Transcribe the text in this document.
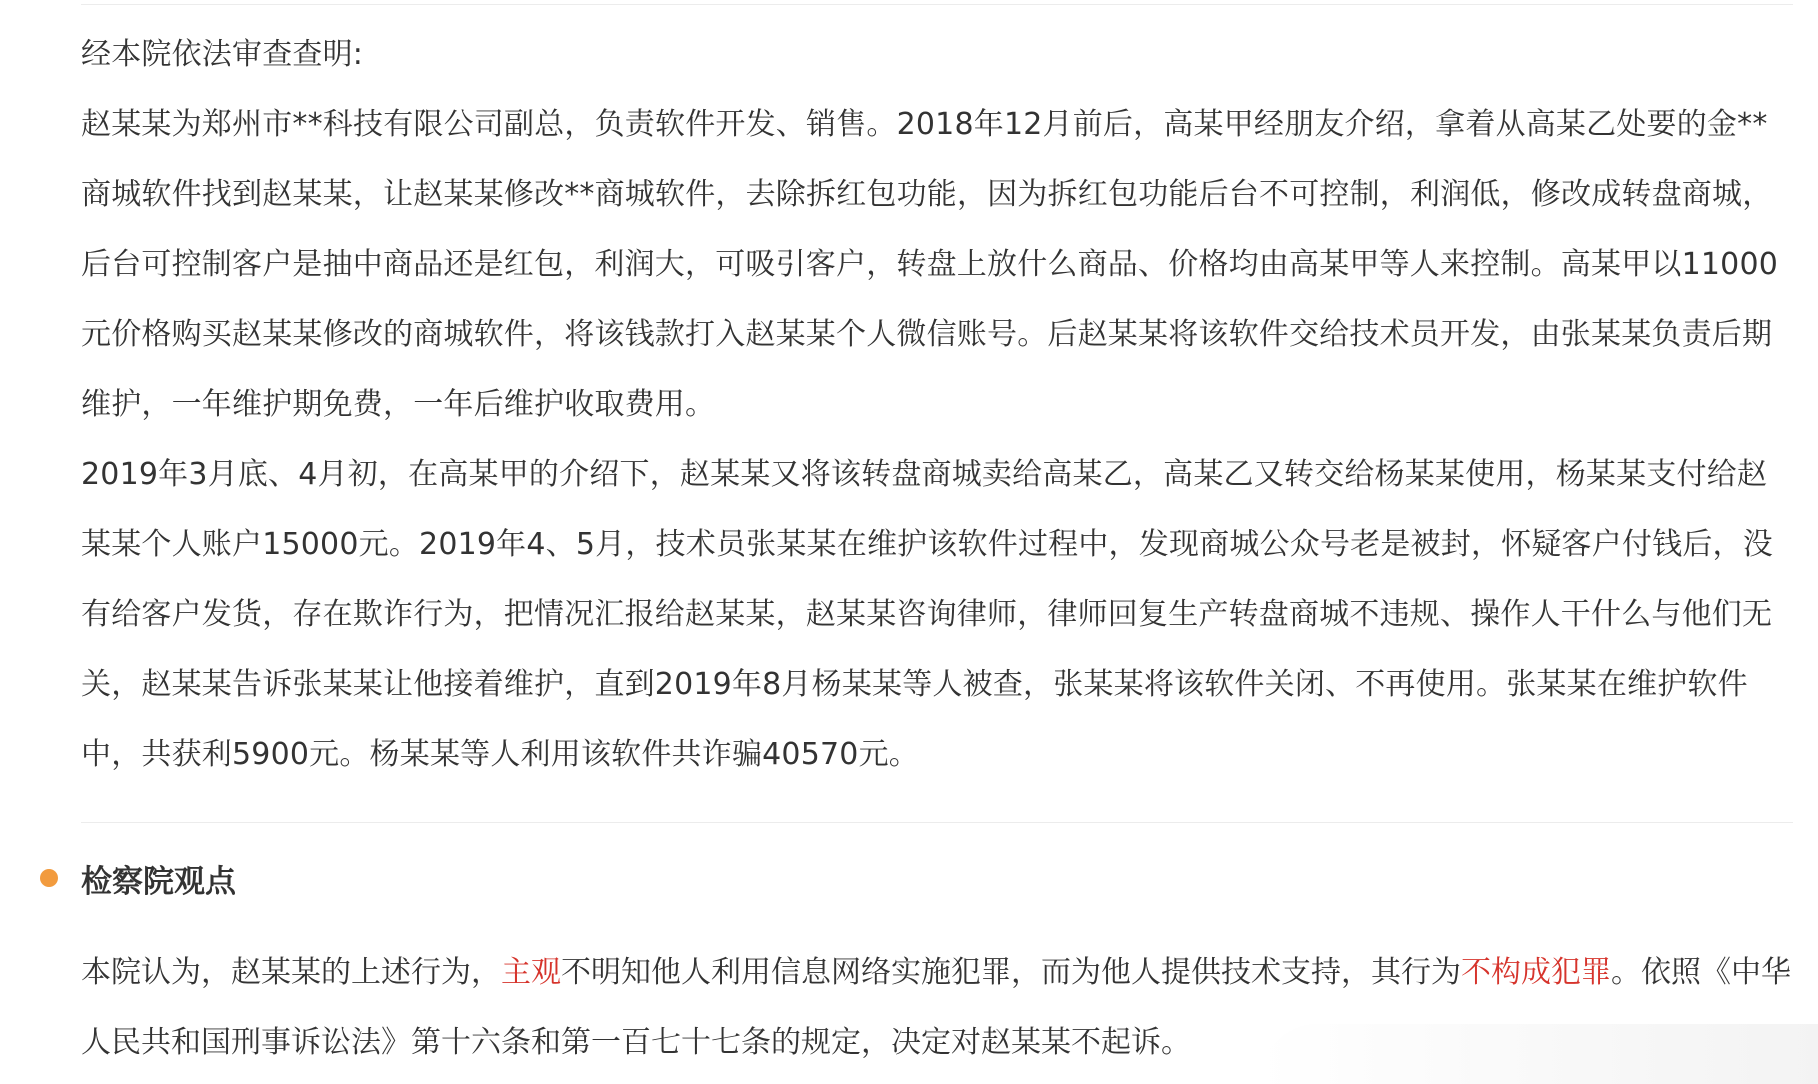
经本院依法审查查明:

赵某某为郑州市**科技有限公司副总，负责软件开发、销售。2018年12月前后，高某甲经朋友介绍，拿着从高某乙处要的金**商城软件找到赵某某，让赵某某修改**商城软件，去除拆红包功能，因为拆红包功能后台不可控制，利润低，修改成转盘商城，后台可控制客户是抽中商品还是红包，利润大，可吸引客户，转盘上放什么商品、价格均由高某甲等人来控制。高某甲以11000元价格购买赵某某修改的商城软件，将该钱款打入赵某某个人微信账号。后赵某某将该软件交给技术员开发，由张某某负责后期维护，一年维护期免费，一年后维护收取费用。

2019年3月底、4月初，在高某甲的介绍下，赵某某又将该转盘商城卖给高某乙，高某乙又转交给杨某某使用，杨某某支付给赵某某个人账户15000元。2019年4、5月，技术员张某某在维护该软件过程中，发现商城公众号老是被封，怀疑客户付钱后，没有给客户发货，存在欺诈行为，把情况汇报给赵某某，赵某某咨询律师，律师回复生产转盘商城不违规、操作人干什么与他们无关，赵某某告诉张某某让他接着维护，直到2019年8月杨某某等人被查，张某某将该软件关闭、不再使用。张某某在维护软件中，共获利5900元。杨某某等人利用该软件共诈骗40570元。

检察院观点

本院认为，赵某某的上述行为，主观不明知他人利用信息网络实施犯罪，而为他人提供技术支持，其行为不构成犯罪。依照《中华人民共和国刑事诉讼法》第十六条和第一百七十七条的规定，决定对赵某某不起诉。
